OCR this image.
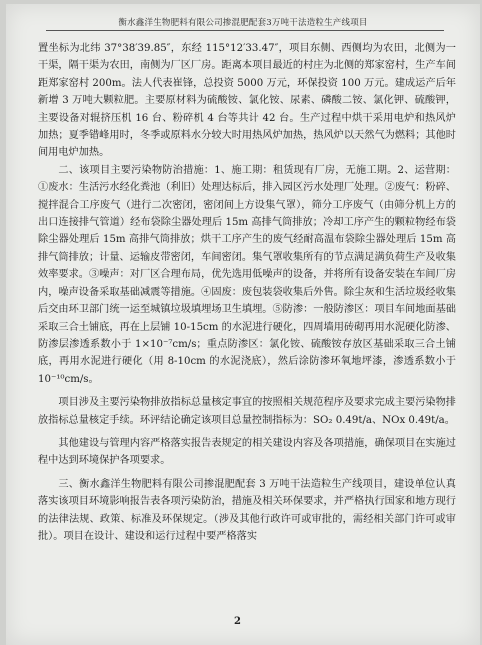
衡水鑫洋生物肥料有限公司掺混肥配套3万吨干法造粒生产线项目

置坐标为北纬 37°38′39.85″，东经 115°12′33.47″，项目东侧、西侧均为农田，北侧为一干渠，隔干渠为农田，南侧为厂区厂房。距离本项目最近的村庄为北侧的郑家窑村，生产车间距郑家窑村 200m。法人代表崔锋，总投资 5000 万元，环保投资 100 万元。建成运产后年新增 3 万吨大颗粒肥。主要原材料为硫酸铵、氯化铵、尿素、磷酸二铵、氯化钾、硫酸钾，主要设备对辊挤压机 16 台、粉碎机 4 台等共计 42 台。生产过程中烘干采用电炉和热风炉加热；夏季错峰用时，冬季或原料水分较大时用热风炉加热，热风炉以天然气为燃料；其他时间用电炉加热。

二、该项目主要污染物防治措施：1、施工期：租赁现有厂房，无施工期。2、运营期：①废水：生活污水经化粪池（利旧）处理达标后，排入园区污水处理厂处理。②废气：粉碎、搅拌混合工序废气（进行二次密闭，密闭间上方设集气罩），筛分工序废气（由筛分机上方的出口连接排气管道）经布袋除尘器处理后 15m 高排气筒排放；冷却工序产生的颗粒物经布袋除尘器处理后 15m 高排气筒排放；烘干工序产生的废气经耐高温布袋除尘器处理后 15m 高排气筒排放；计量、运输皮带密闭，车间密闭。集气罩收集所有的节点满足满负荷生产及收集效率要求。③噪声：对厂区合理布局，优先选用低噪声的设备，并将所有设备安装在车间厂房内，噪声设备采取基础减震等措施。④固废：废包装袋收集后外售。除尘灰和生活垃圾经收集后交由环卫部门统一运至城镇垃圾填埋场卫生填埋。⑤防渗：一般防渗区：项目车间地面基础采取三合土铺底，再在上层铺 10-15cm 的水泥进行硬化，四周墙用砖砌再用水泥硬化防渗、防渗层渗透系数小于 1×10⁻⁷cm/s；重点防渗区：氯化铵、硫酸铵存放区基础采取三合土铺底，再用水泥进行硬化（用 8-10cm 的水泥浇底），然后涂防渗环氧地坪漆，渗透系数小于 10⁻¹⁰cm/s。

项目涉及主要污染物排放指标总量核定事宜的按照相关规范程序及要求完成主要污染物排放指标总量核定手续。环评结论确定该项目总量控制指标为：SO₂ 0.49t/a、NOx 0.49t/a。

其他建设与管理内容严格落实报告表规定的相关建设内容及各项措施，确保项目在实施过程中达到环境保护各项要求。

三、衡水鑫洋生物肥料有限公司掺混肥配套 3 万吨干法造粒生产线项目，建设单位认真落实该项目环境影响报告表各项污染防治，措施及相关环保要求，并严格执行国家和地方现行的法律法规、政策、标准及环保规定。（涉及其他行政许可或审批的，需经相关部门许可或审批）。项目在设计、建设和运行过程中要严格落实

2
